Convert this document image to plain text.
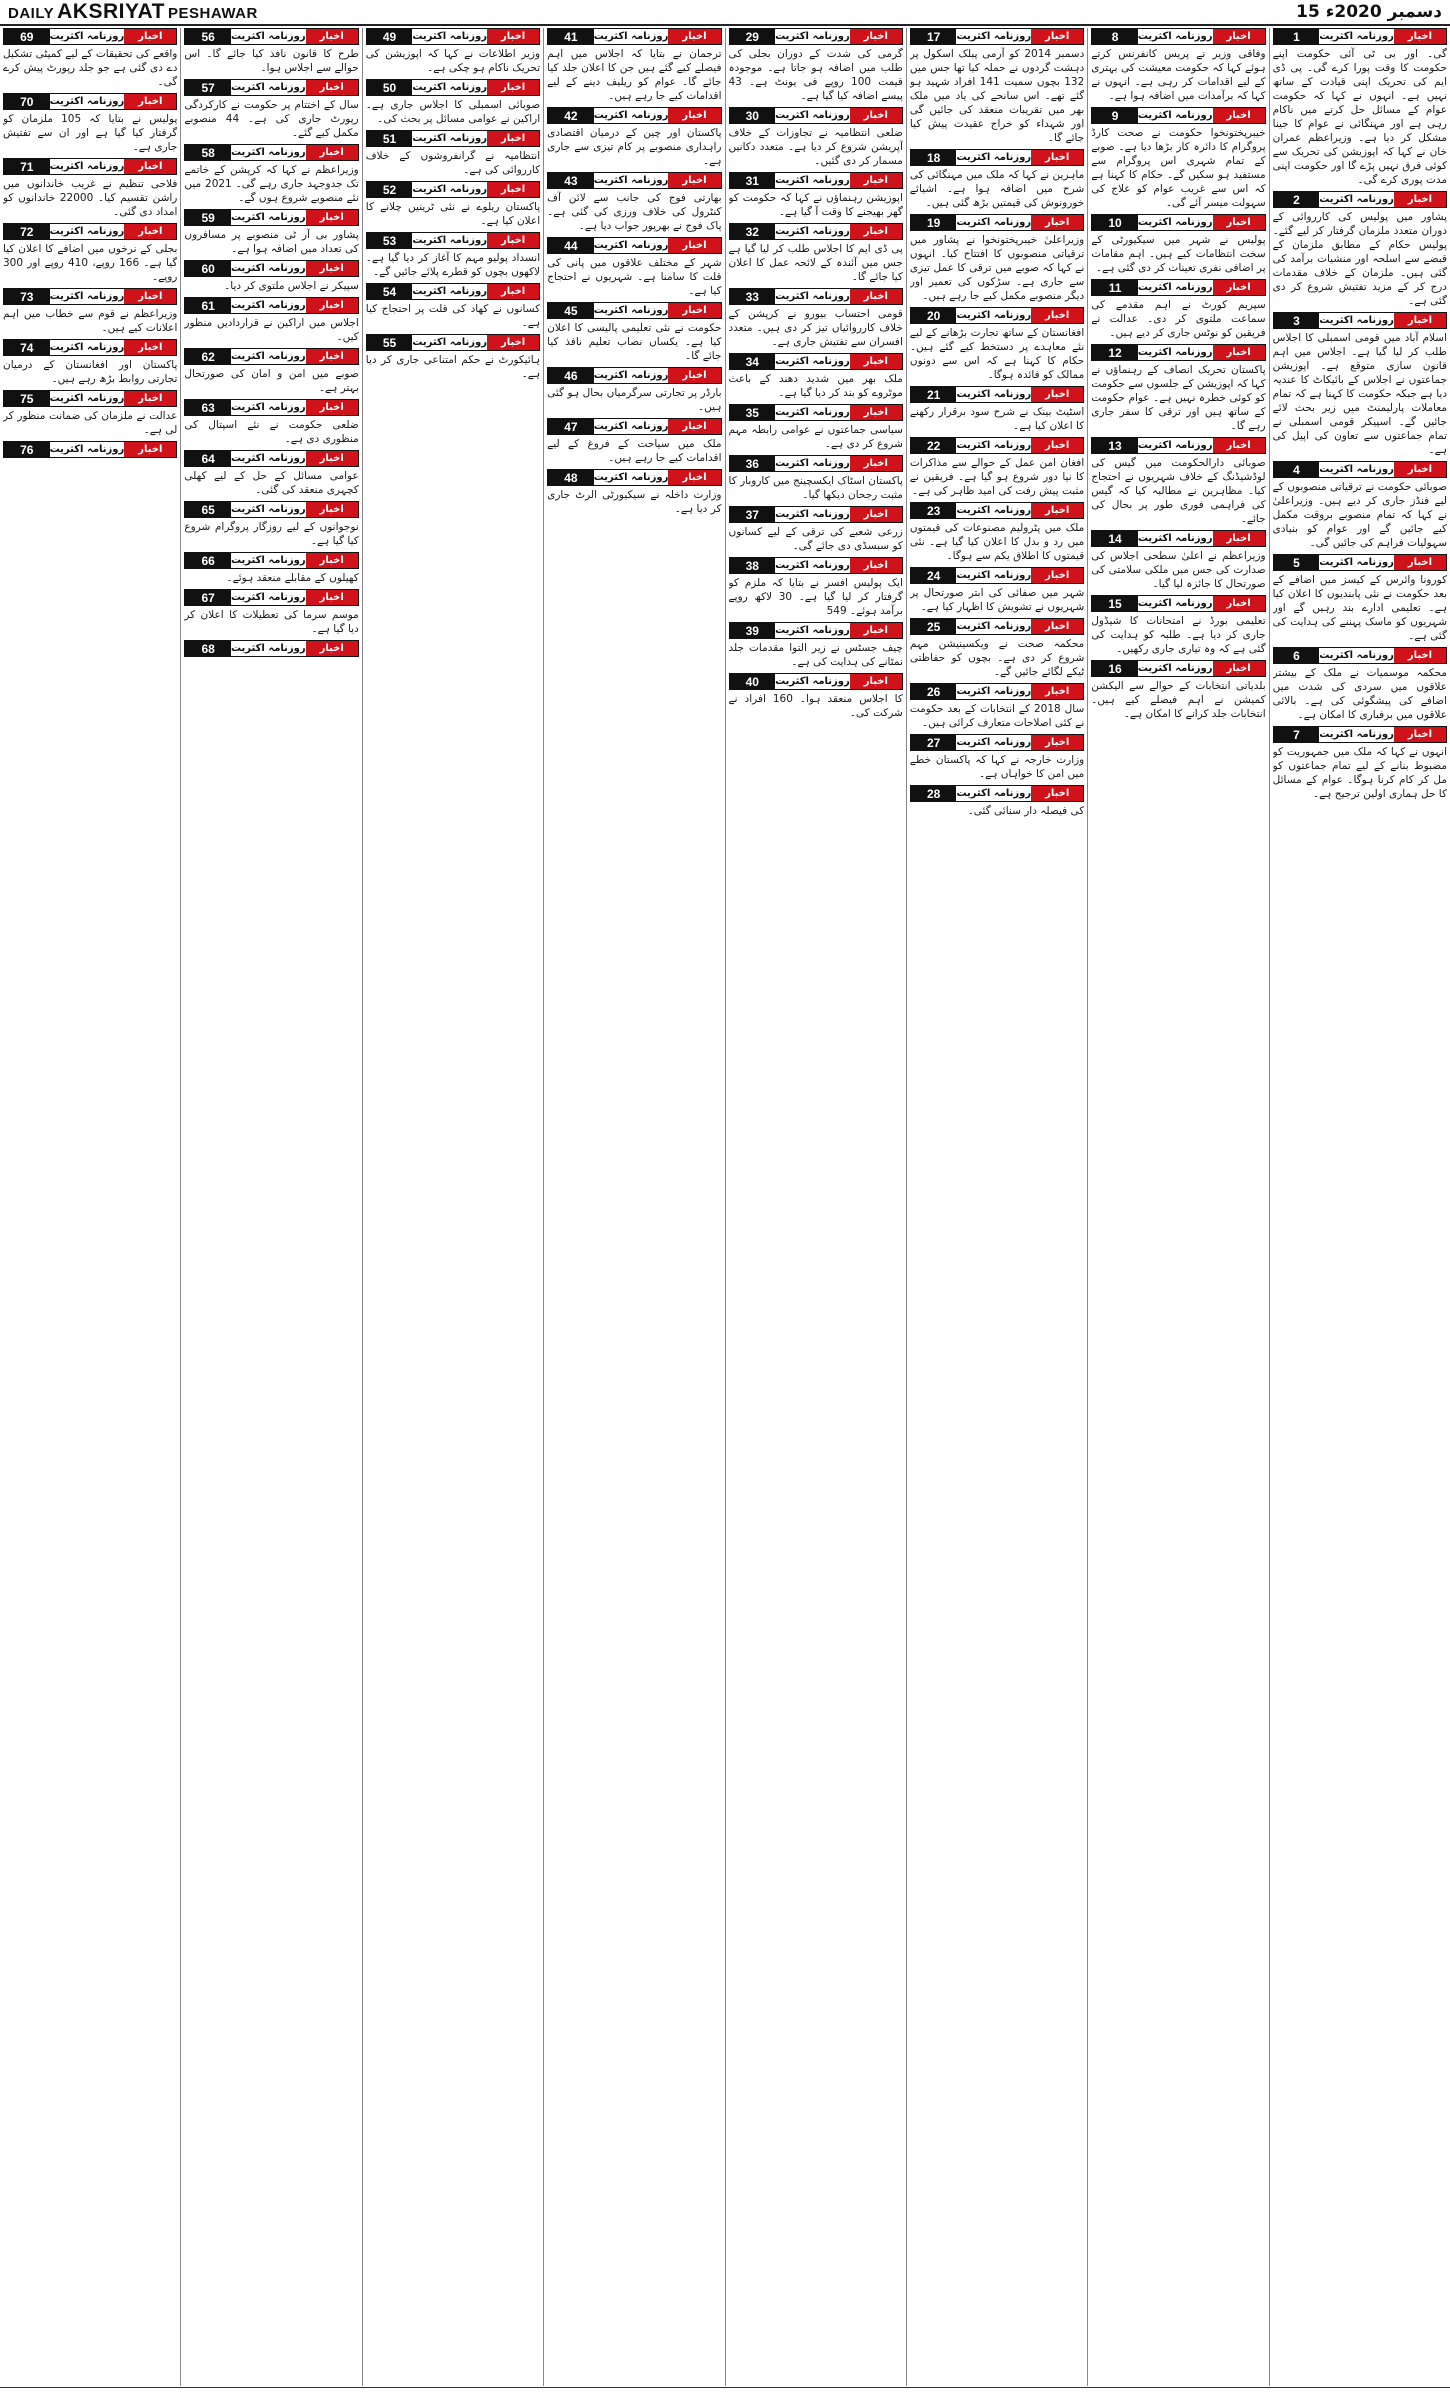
DAILY AKSRIYAT PESHAWAR	15 دسمبر 2020ء
اخبار
روزنامہ اکثریت
1

گی۔ اور بی ٹی آئی حکومت اپنے حکومت کا وقت پورا کرے گی۔ پی ڈی ایم کی تحریک اپنی قیادت کے ساتھ نہیں ہے۔ انہوں نے کہا کہ حکومت عوام کے مسائل حل کرنے میں ناکام رہی ہے اور مہنگائی نے عوام کا جینا مشکل کر دیا ہے۔ وزیراعظم عمران خان نے کہا کہ اپوزیشن کی تحریک سے کوئی فرق نہیں پڑے گا اور حکومت اپنی مدت پوری کرے گی۔

اخبار
روزنامہ اکثریت
2

پشاور میں پولیس کی کارروائی کے دوران متعدد ملزمان گرفتار کر لیے گئے۔ پولیس حکام کے مطابق ملزمان کے قبضے سے اسلحہ اور منشیات برآمد کی گئی ہیں۔ ملزمان کے خلاف مقدمات درج کر کے مزید تفتیش شروع کر دی گئی ہے۔

اخبار
روزنامہ اکثریت
3

اسلام آباد میں قومی اسمبلی کا اجلاس طلب کر لیا گیا ہے۔ اجلاس میں اہم قانون سازی متوقع ہے۔ اپوزیشن جماعتوں نے اجلاس کے بائیکاٹ کا عندیہ دیا ہے جبکہ حکومت کا کہنا ہے کہ تمام معاملات پارلیمنٹ میں زیر بحث لائے جائیں گے۔ اسپیکر قومی اسمبلی نے تمام جماعتوں سے تعاون کی اپیل کی ہے۔

اخبار
روزنامہ اکثریت
4

صوبائی حکومت نے ترقیاتی منصوبوں کے لیے فنڈز جاری کر دیے ہیں۔ وزیراعلیٰ نے کہا کہ تمام منصوبے بروقت مکمل کیے جائیں گے اور عوام کو بنیادی سہولیات فراہم کی جائیں گی۔

اخبار
روزنامہ اکثریت
5

کورونا وائرس کے کیسز میں اضافے کے بعد حکومت نے نئی پابندیوں کا اعلان کیا ہے۔ تعلیمی ادارے بند رہیں گے اور شہریوں کو ماسک پہننے کی ہدایت کی گئی ہے۔

اخبار
روزنامہ اکثریت
6

محکمہ موسمیات نے ملک کے بیشتر علاقوں میں سردی کی شدت میں اضافے کی پیشگوئی کی ہے۔ بالائی علاقوں میں برفباری کا امکان ہے۔

اخبار
روزنامہ اکثریت
7

انہوں نے کہا کہ ملک میں جمہوریت کو مضبوط بنانے کے لیے تمام جماعتوں کو مل کر کام کرنا ہوگا۔ عوام کے مسائل کا حل ہماری اولین ترجیح ہے۔

اخبار
روزنامہ اکثریت
8

وفاقی وزیر نے پریس کانفرنس کرتے ہوئے کہا کہ حکومت معیشت کی بہتری کے لیے اقدامات کر رہی ہے۔ انہوں نے کہا کہ برآمدات میں اضافہ ہوا ہے۔

اخبار
روزنامہ اکثریت
9

خیبرپختونخوا حکومت نے صحت کارڈ پروگرام کا دائرہ کار بڑھا دیا ہے۔ صوبے کے تمام شہری اس پروگرام سے مستفید ہو سکیں گے۔ حکام کا کہنا ہے کہ اس سے غریب عوام کو علاج کی سہولت میسر آئے گی۔

اخبار
روزنامہ اکثریت
10

پولیس نے شہر میں سیکیورٹی کے سخت انتظامات کیے ہیں۔ اہم مقامات پر اضافی نفری تعینات کر دی گئی ہے۔

اخبار
روزنامہ اکثریت
11

سپریم کورٹ نے اہم مقدمے کی سماعت ملتوی کر دی۔ عدالت نے فریقین کو نوٹس جاری کر دیے ہیں۔

اخبار
روزنامہ اکثریت
12

پاکستان تحریک انصاف کے رہنماؤں نے کہا کہ اپوزیشن کے جلسوں سے حکومت کو کوئی خطرہ نہیں ہے۔ عوام حکومت کے ساتھ ہیں اور ترقی کا سفر جاری رہے گا۔

اخبار
روزنامہ اکثریت
13

صوبائی دارالحکومت میں گیس کی لوڈشیڈنگ کے خلاف شہریوں نے احتجاج کیا۔ مظاہرین نے مطالبہ کیا کہ گیس کی فراہمی فوری طور پر بحال کی جائے۔

اخبار
روزنامہ اکثریت
14

وزیراعظم نے اعلیٰ سطحی اجلاس کی صدارت کی جس میں ملکی سلامتی کی صورتحال کا جائزہ لیا گیا۔

اخبار
روزنامہ اکثریت
15

تعلیمی بورڈ نے امتحانات کا شیڈول جاری کر دیا ہے۔ طلبہ کو ہدایت کی گئی ہے کہ وہ تیاری جاری رکھیں۔

اخبار
روزنامہ اکثریت
16

بلدیاتی انتخابات کے حوالے سے الیکشن کمیشن نے اہم فیصلے کیے ہیں۔ انتخابات جلد کرانے کا امکان ہے۔

اخبار
روزنامہ اکثریت
17

دسمبر 2014 کو آرمی پبلک اسکول پر دہشت گردوں نے حملہ کیا تھا جس میں 132 بچوں سمیت 141 افراد شہید ہو گئے تھے۔ اس سانحے کی یاد میں ملک بھر میں تقریبات منعقد کی جائیں گی اور شہداء کو خراج عقیدت پیش کیا جائے گا۔

اخبار
روزنامہ اکثریت
18

ماہرین نے کہا کہ ملک میں مہنگائی کی شرح میں اضافہ ہوا ہے۔ اشیائے خورونوش کی قیمتیں بڑھ گئی ہیں۔

اخبار
روزنامہ اکثریت
19

وزیراعلیٰ خیبرپختونخوا نے پشاور میں ترقیاتی منصوبوں کا افتتاح کیا۔ انہوں نے کہا کہ صوبے میں ترقی کا عمل تیزی سے جاری ہے۔ سڑکوں کی تعمیر اور دیگر منصوبے مکمل کیے جا رہے ہیں۔

اخبار
روزنامہ اکثریت
20

افغانستان کے ساتھ تجارت بڑھانے کے لیے نئے معاہدے پر دستخط کیے گئے ہیں۔ حکام کا کہنا ہے کہ اس سے دونوں ممالک کو فائدہ ہوگا۔

اخبار
روزنامہ اکثریت
21

اسٹیٹ بینک نے شرح سود برقرار رکھنے کا اعلان کیا ہے۔

اخبار
روزنامہ اکثریت
22

افغان امن عمل کے حوالے سے مذاکرات کا نیا دور شروع ہو گیا ہے۔ فریقین نے مثبت پیش رفت کی امید ظاہر کی ہے۔

اخبار
روزنامہ اکثریت
23

ملک میں پٹرولیم مصنوعات کی قیمتوں میں رد و بدل کا اعلان کیا گیا ہے۔ نئی قیمتوں کا اطلاق یکم سے ہوگا۔

اخبار
روزنامہ اکثریت
24

شہر میں صفائی کی ابتر صورتحال پر شہریوں نے تشویش کا اظہار کیا ہے۔

اخبار
روزنامہ اکثریت
25

محکمہ صحت نے ویکسینیشن مہم شروع کر دی ہے۔ بچوں کو حفاظتی ٹیکے لگائے جائیں گے۔

اخبار
روزنامہ اکثریت
26

سال 2018 کے انتخابات کے بعد حکومت نے کئی اصلاحات متعارف کرائی ہیں۔

اخبار
روزنامہ اکثریت
27

وزارت خارجہ نے کہا کہ پاکستان خطے میں امن کا خواہاں ہے۔

اخبار
روزنامہ اکثریت
28

کی فیصلہ دار سنائی گئی۔

اخبار
روزنامہ اکثریت
29

گرمی کی شدت کے دوران بجلی کی طلب میں اضافہ ہو جاتا ہے۔ موجودہ قیمت 100 روپے فی یونٹ ہے۔ 43 پیسے اضافہ کیا گیا ہے۔

اخبار
روزنامہ اکثریت
30

ضلعی انتظامیہ نے تجاوزات کے خلاف آپریشن شروع کر دیا ہے۔ متعدد دکانیں مسمار کر دی گئیں۔

اخبار
روزنامہ اکثریت
31

اپوزیشن رہنماؤں نے کہا کہ حکومت کو گھر بھیجنے کا وقت آ گیا ہے۔

اخبار
روزنامہ اکثریت
32

پی ڈی ایم کا اجلاس طلب کر لیا گیا ہے جس میں آئندہ کے لائحہ عمل کا اعلان کیا جائے گا۔

اخبار
روزنامہ اکثریت
33

قومی احتساب بیورو نے کرپشن کے خلاف کارروائیاں تیز کر دی ہیں۔ متعدد افسران سے تفتیش جاری ہے۔

اخبار
روزنامہ اکثریت
34

ملک بھر میں شدید دھند کے باعث موٹروے کو بند کر دیا گیا ہے۔

اخبار
روزنامہ اکثریت
35

سیاسی جماعتوں نے عوامی رابطہ مہم شروع کر دی ہے۔

اخبار
روزنامہ اکثریت
36

پاکستان اسٹاک ایکسچینج میں کاروبار کا مثبت رجحان دیکھا گیا۔

اخبار
روزنامہ اکثریت
37

زرعی شعبے کی ترقی کے لیے کسانوں کو سبسڈی دی جائے گی۔

اخبار
روزنامہ اکثریت
38

ایک پولیس افسر نے بتایا کہ ملزم کو گرفتار کر لیا گیا ہے۔ 30 لاکھ روپے برآمد ہوئے۔ 549

اخبار
روزنامہ اکثریت
39

چیف جسٹس نے زیر التوا مقدمات جلد نمٹانے کی ہدایت کی ہے۔

اخبار
روزنامہ اکثریت
40

کا اجلاس منعقد ہوا۔ 160 افراد نے شرکت کی۔

اخبار
روزنامہ اکثریت
41

ترجمان نے بتایا کہ اجلاس میں اہم فیصلے کیے گئے ہیں جن کا اعلان جلد کیا جائے گا۔ عوام کو ریلیف دینے کے لیے اقدامات کیے جا رہے ہیں۔

اخبار
روزنامہ اکثریت
42

پاکستان اور چین کے درمیان اقتصادی راہداری منصوبے پر کام تیزی سے جاری ہے۔

اخبار
روزنامہ اکثریت
43

بھارتی فوج کی جانب سے لائن آف کنٹرول کی خلاف ورزی کی گئی ہے۔ پاک فوج نے بھرپور جواب دیا ہے۔

اخبار
روزنامہ اکثریت
44

شہر کے مختلف علاقوں میں پانی کی قلت کا سامنا ہے۔ شہریوں نے احتجاج کیا ہے۔

اخبار
روزنامہ اکثریت
45

حکومت نے نئی تعلیمی پالیسی کا اعلان کیا ہے۔ یکساں نصاب تعلیم نافذ کیا جائے گا۔

اخبار
روزنامہ اکثریت
46

بارڈر پر تجارتی سرگرمیاں بحال ہو گئی ہیں۔

اخبار
روزنامہ اکثریت
47

ملک میں سیاحت کے فروغ کے لیے اقدامات کیے جا رہے ہیں۔

اخبار
روزنامہ اکثریت
48

وزارت داخلہ نے سیکیورٹی الرٹ جاری کر دیا ہے۔

اخبار
روزنامہ اکثریت
49

وزیر اطلاعات نے کہا کہ اپوزیشن کی تحریک ناکام ہو چکی ہے۔

اخبار
روزنامہ اکثریت
50

صوبائی اسمبلی کا اجلاس جاری ہے۔ اراکین نے عوامی مسائل پر بحث کی۔

اخبار
روزنامہ اکثریت
51

انتظامیہ نے گرانفروشوں کے خلاف کارروائی کی ہے۔

اخبار
روزنامہ اکثریت
52

پاکستان ریلوے نے نئی ٹرینیں چلانے کا اعلان کیا ہے۔

اخبار
روزنامہ اکثریت
53

انسداد پولیو مہم کا آغاز کر دیا گیا ہے۔ لاکھوں بچوں کو قطرے پلائے جائیں گے۔

اخبار
روزنامہ اکثریت
54

کسانوں نے کھاد کی قلت پر احتجاج کیا ہے۔

اخبار
روزنامہ اکثریت
55

ہائیکورٹ نے حکم امتناعی جاری کر دیا ہے۔

اخبار
روزنامہ اکثریت
56

طرح کا قانون نافذ کیا جائے گا۔ اس حوالے سے اجلاس ہوا۔

اخبار
روزنامہ اکثریت
57

سال کے اختتام پر حکومت نے کارکردگی رپورٹ جاری کی ہے۔ 44 منصوبے مکمل کیے گئے۔

اخبار
روزنامہ اکثریت
58

وزیراعظم نے کہا کہ کرپشن کے خاتمے تک جدوجہد جاری رہے گی۔ 2021 میں نئے منصوبے شروع ہوں گے۔

اخبار
روزنامہ اکثریت
59

پشاور بی آر ٹی منصوبے پر مسافروں کی تعداد میں اضافہ ہوا ہے۔

اخبار
روزنامہ اکثریت
60

سپیکر نے اجلاس ملتوی کر دیا۔

اخبار
روزنامہ اکثریت
61

اجلاس میں اراکین نے قراردادیں منظور کیں۔

اخبار
روزنامہ اکثریت
62

صوبے میں امن و امان کی صورتحال بہتر ہے۔

اخبار
روزنامہ اکثریت
63

ضلعی حکومت نے نئے اسپتال کی منظوری دی ہے۔

اخبار
روزنامہ اکثریت
64

عوامی مسائل کے حل کے لیے کھلی کچہری منعقد کی گئی۔

اخبار
روزنامہ اکثریت
65

نوجوانوں کے لیے روزگار پروگرام شروع کیا گیا ہے۔

اخبار
روزنامہ اکثریت
66

کھیلوں کے مقابلے منعقد ہوئے۔

اخبار
روزنامہ اکثریت
67

موسم سرما کی تعطیلات کا اعلان کر دیا گیا ہے۔

اخبار
روزنامہ اکثریت
68

اخبار
روزنامہ اکثریت
69

واقعے کی تحقیقات کے لیے کمیٹی تشکیل دے دی گئی ہے جو جلد رپورٹ پیش کرے گی۔

اخبار
روزنامہ اکثریت
70

پولیس نے بتایا کہ 105 ملزمان کو گرفتار کیا گیا ہے اور ان سے تفتیش جاری ہے۔

اخبار
روزنامہ اکثریت
71

فلاحی تنظیم نے غریب خاندانوں میں راشن تقسیم کیا۔ 22000 خاندانوں کو امداد دی گئی۔

اخبار
روزنامہ اکثریت
72

بجلی کے نرخوں میں اضافے کا اعلان کیا گیا ہے۔ 166 روپے، 410 روپے اور 300 روپے۔

اخبار
روزنامہ اکثریت
73

وزیراعظم نے قوم سے خطاب میں اہم اعلانات کیے ہیں۔

اخبار
روزنامہ اکثریت
74

پاکستان اور افغانستان کے درمیان تجارتی روابط بڑھ رہے ہیں۔

اخبار
روزنامہ اکثریت
75

عدالت نے ملزمان کی ضمانت منظور کر لی ہے۔

اخبار
روزنامہ اکثریت
76
